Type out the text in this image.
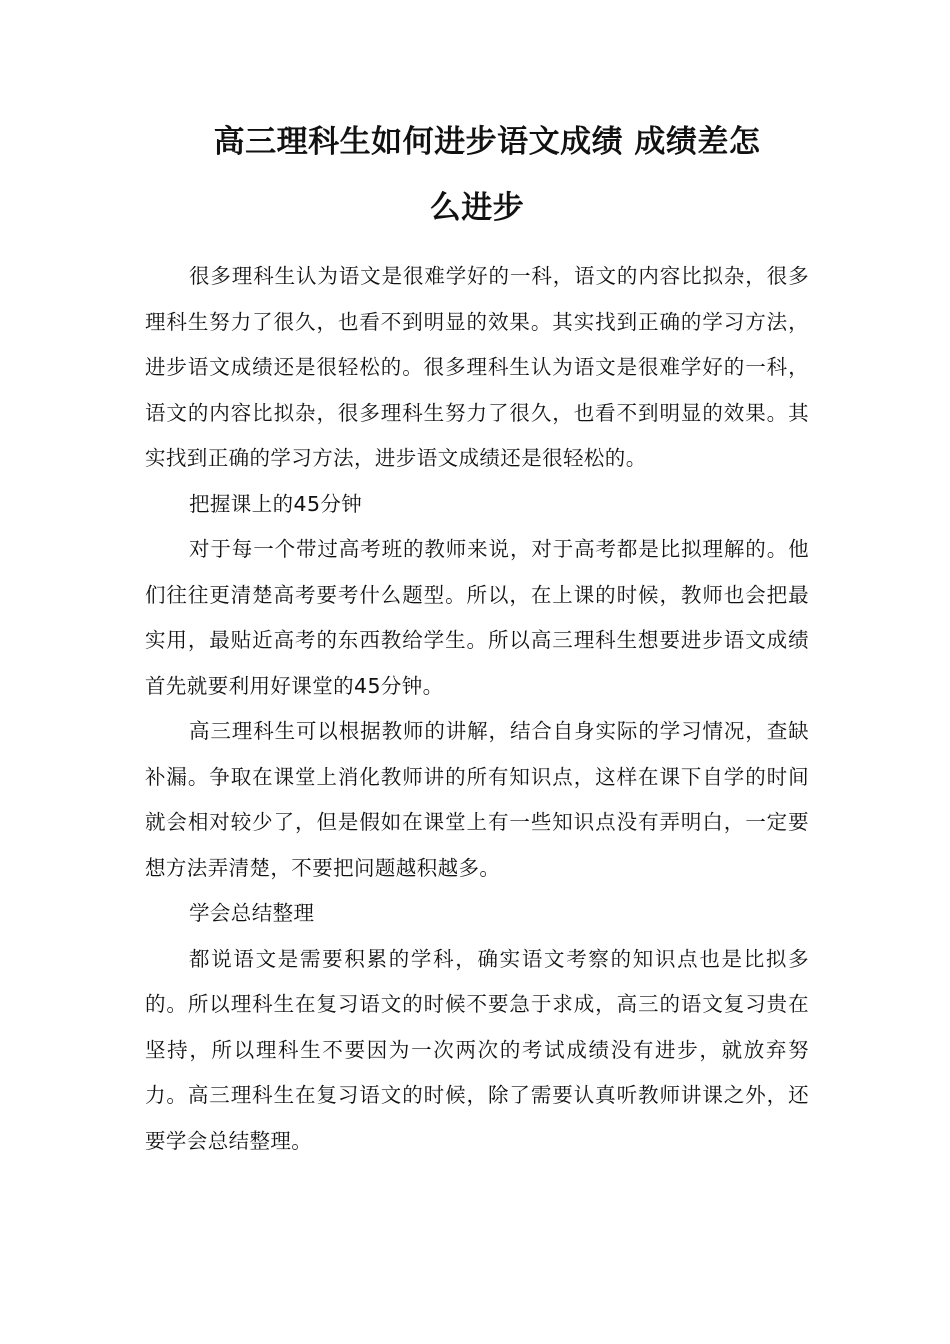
高三理科生如何进步语文成绩 成绩差怎
么进步

很多理科生认为语文是很难学好的一科，语文的内容比拟杂，很多理科生努力了很久，也看不到明显的效果。其实找到正确的学习方法，进步语文成绩还是很轻松的。很多理科生认为语文是很难学好的一科，语文的内容比拟杂，很多理科生努力了很久，也看不到明显的效果。其实找到正确的学习方法，进步语文成绩还是很轻松的。

把握课上的45分钟

对于每一个带过高考班的教师来说，对于高考都是比拟理解的。他们往往更清楚高考要考什么题型。所以，在上课的时候，教师也会把最实用，最贴近高考的东西教给学生。所以高三理科生想要进步语文成绩首先就要利用好课堂的45分钟。

高三理科生可以根据教师的讲解，结合自身实际的学习情况，查缺补漏。争取在课堂上消化教师讲的所有知识点，这样在课下自学的时间就会相对较少了，但是假如在课堂上有一些知识点没有弄明白，一定要想方法弄清楚，不要把问题越积越多。

学会总结整理

都说语文是需要积累的学科，确实语文考察的知识点也是比拟多的。所以理科生在复习语文的时候不要急于求成，高三的语文复习贵在坚持，所以理科生不要因为一次两次的考试成绩没有进步，就放弃努力。高三理科生在复习语文的时候，除了需要认真听教师讲课之外，还要学会总结整理。
